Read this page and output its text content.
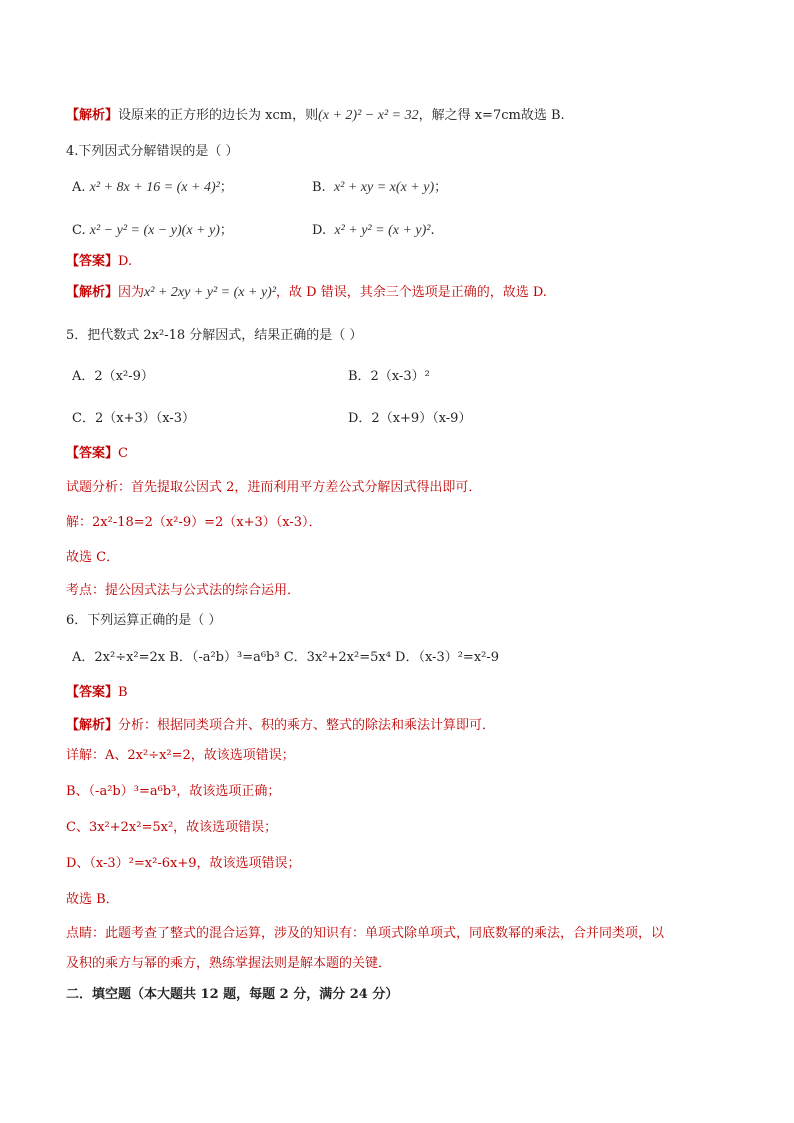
【解析】设原来的正方形的边长为 xcm，则(x + 2)² − x² = 32，解之得 x=7cm故选 B.
4.下列因式分解错误的是（ ）
A. x² + 8x + 16 = (x + 4)²；	B. x² + xy = x(x + y)；
C. x² − y² = (x − y)(x + y)；	D. x² + y² = (x + y)².
【答案】D.
【解析】因为x² + 2xy + y² = (x + y)²，故 D 错误，其余三个选项是正确的，故选 D.
5．把代数式 2x²-18 分解因式，结果正确的是（ ）
A．2（x²-9）	B．2（x-3）²
C．2（x+3）（x-3）	D．2（x+9）（x-9）
【答案】C
试题分析：首先提取公因式 2，进而利用平方差公式分解因式得出即可．
解：2x²-18=2（x²-9）=2（x+3）（x-3）．
故选 C．
考点：提公因式法与公式法的综合运用．
6．下列运算正确的是（ ）
A．2x²÷x²=2x B．（-a²b）³=a⁶b³ C．3x²+2x²=5x⁴ D．（x-3）²=x²-9
【答案】B
【解析】分析：根据同类项合并、积的乘方、整式的除法和乘法计算即可．
详解：A、2x²÷x²=2，故该选项错误；
B、（-a²b）³=a⁶b³，故该选项正确；
C、3x²+2x²=5x²，故该选项错误；
D、（x-3）²=x²-6x+9，故该选项错误；
故选 B．
点睛：此题考查了整式的混合运算，涉及的知识有：单项式除单项式，同底数幂的乘法，合并同类项，以
及积的乘方与幂的乘方，熟练掌握法则是解本题的关键．
二．填空题（本大题共 12 题，每题 2 分，满分 24 分）
